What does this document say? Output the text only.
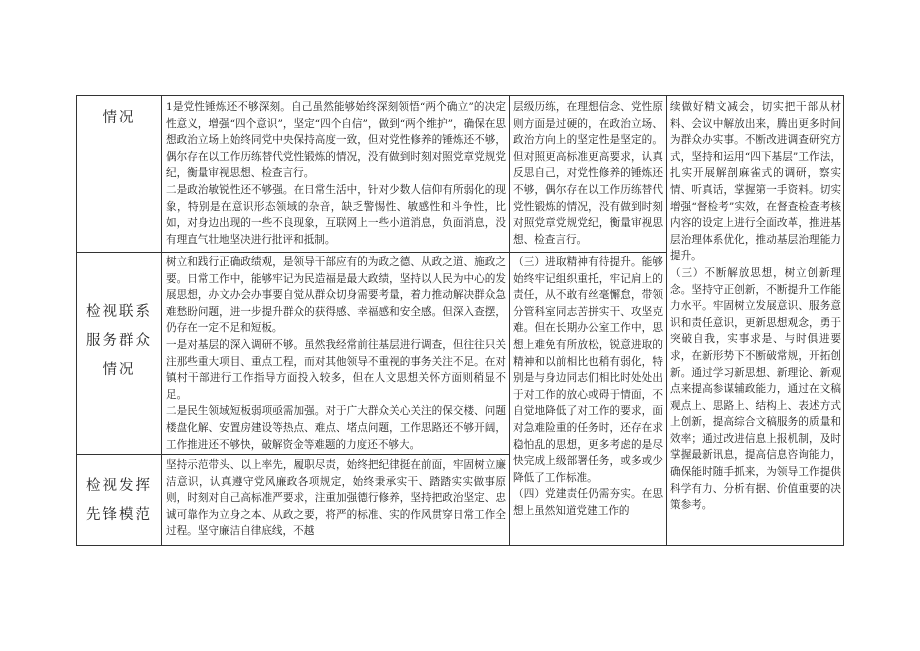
情况
检视联系服务群众情况
检视发挥先锋模范

1是党性锤炼还不够深刻。自己虽然能够始终深刻领悟“两个确立”的决定性意义，增强“四个意识”，坚定“四个自信”，做到“两个维护”，确保在思想政治立场上始终同党中央保持高度一致，但对党性修养的锤炼还不够，偶尔存在以工作历练替代党性锻炼的情况，没有做到时刻对照党章党规党纪，衡量审视思想、检查言行。

二是政治敏锐性还不够强。在日常生活中，针对少数人信仰有所弱化的现象，特别是在意识形态领域的杂音，缺乏警惕性、敏感性和斗争性，比如，对身边出现的一些不良现象，互联网上一些小道消息，负面消息，没有理直气壮地坚决进行批评和抵制。

树立和践行正确政绩观，是领导干部应有的为政之德、从政之道、施政之要。日常工作中，能够牢记为民造福是最大政绩，坚持以人民为中心的发展思想，办文办会办事要自觉从群众切身需要考量，着力推动解决群众急难愁盼问题，进一步提升群众的获得感、幸福感和安全感。但深入查摆，仍存在一定不足和短板。

一是对基层的深入调研不够。虽然我经常前往基层进行调查，但往往只关注那些重大项目、重点工程，而对其他领导不重视的事务关注不足。在对镇村干部进行工作指导方面投入较多，但在人文思想关怀方面则稍显不足。

二是民生领域短板弱项亟需加强。对于广大群众关心关注的保交楼、问题楼盘化解、安置房建设等热点、难点、堵点问题，工作思路还不够开阔，工作推进还不够快，破解资金等难题的力度还不够大。

坚持示范带头、以上率先，履职尽责，始终把纪律挺在前面，牢固树立廉洁意识，认真遵守党风廉政各项规定，始终秉承实干、踏踏实实做事原则，时刻对自己高标准严要求，注重加强德行修养，坚持把政治坚定、忠诚可靠作为立身之本、从政之要，将严的标准、实的作风贯穿日常工作全过程。坚守廉洁自律底线，不越

层级历练，在理想信念、党性原则方面是过硬的，在政治立场、政治方向上的坚定性是坚定的。但对照更高标准更高要求，认真反思自己，对党性修养的锤炼还不够，偶尔存在以工作历练替代党性锻炼的情况，没有做到时刻对照党章党规党纪，衡量审视思想、检查言行。

（三）进取精神有待提升。能够始终牢记组织重托，牢记肩上的责任，从不敢有丝毫懈怠，带领分管科室同志苦拼实干、攻坚克难。但在长期办公室工作中，思想上难免有所放松，锐意进取的精神和以前相比也稍有弱化，特别是与身边同志们相比时处处出于对工作的放心或碍于情面，不自觉地降低了对工作的要求，面对急难险重的任务时，还存在求稳怕乱的思想，更多考虑的是尽快完成上级部署任务，或多或少降低了工作标准。

（四）党建责任仍需夯实。在思想上虽然知道党建工作的

续做好精文减会，切实把干部从材料、会议中解放出来，腾出更多时间为群众办实事。不断改进调查研究方式，坚持和运用“四下基层”工作法，扎实开展解剖麻雀式的调研，察实情、听真话，掌握第一手资料。切实增强“督检考”实效，在督查检查考核内容的设定上进行全面改革，推进基层治理体系优化，推动基层治理能力提升。

（三）不断解放思想，树立创新理念。坚持守正创新，不断提升工作能力水平。牢固树立发展意识、服务意识和责任意识，更新思想观念，勇于突破自我，实事求是、与时俱进要求，在新形势下不断破常规，开拓创新。通过学习新思想、新理论、新观点来提高参谋辅政能力，通过在文稿观点上、思路上、结构上、表述方式上创新，提高综合文稿服务的质量和效率；通过改进信息上报机制，及时掌握最新讯息，提高信息咨询能力，确保能时随手抓来，为领导工作提供科学有力、分析有据、价值重要的决策参考。
